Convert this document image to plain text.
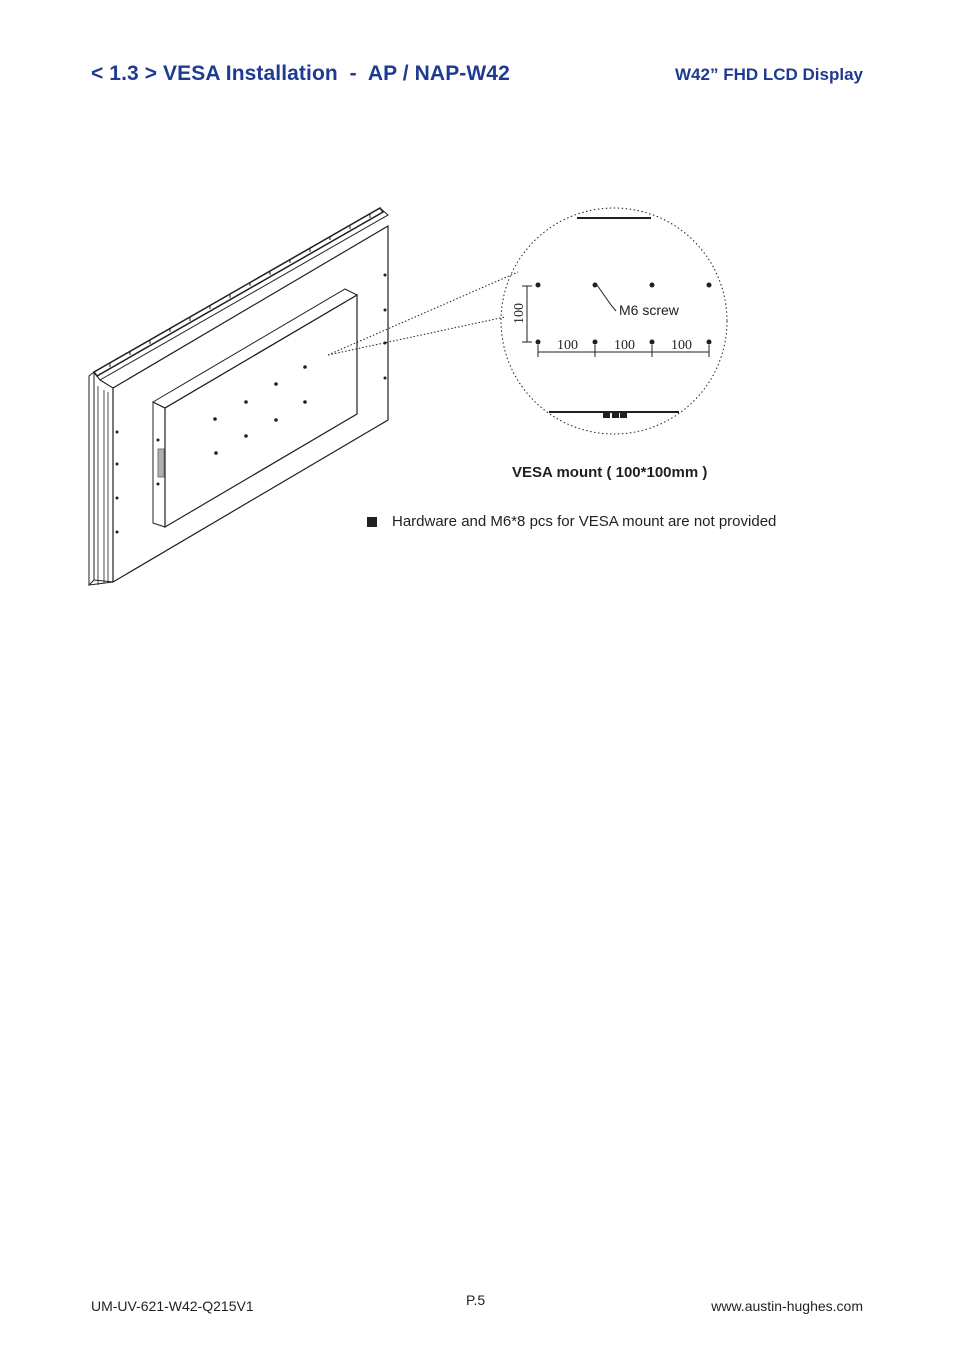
< 1.3 > VESA Installation  -  AP / NAP-W42	W42” FHD LCD Display
M6 screw
100	100	100
100
VESA mount ( 100*100mm )
Hardware and M6*8 pcs for VESA mount are not provided
UM-UV-621-W42-Q215V1	P.5	www.austin-hughes.com
